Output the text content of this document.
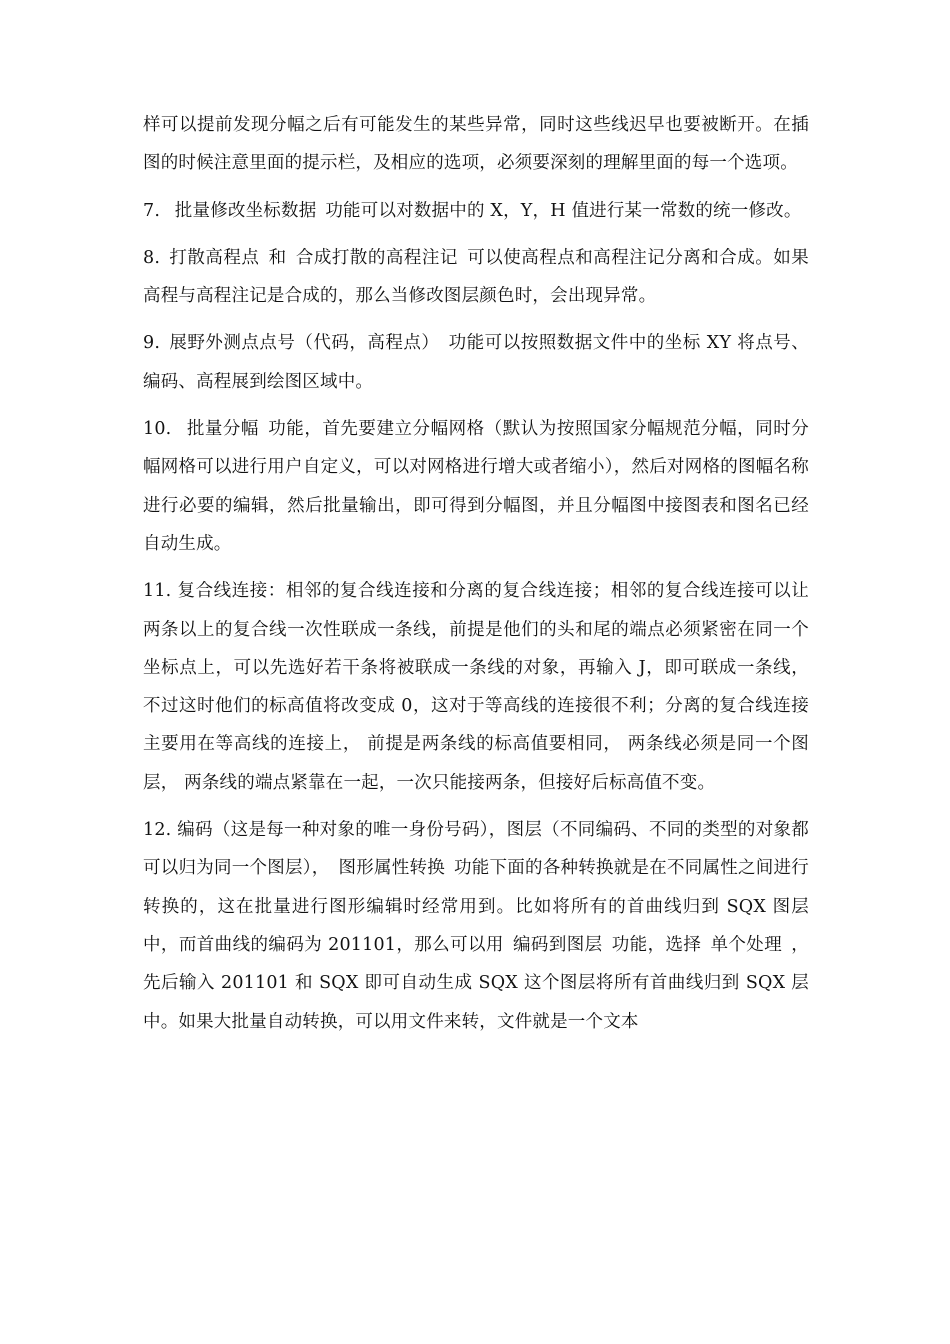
样可以提前发现分幅之后有可能发生的某些异常，同时这些线迟早也要被断开。在插图的时候注意里面的提示栏，及相应的选项，必须要深刻的理解里面的每一个选项。

7.  批量修改坐标数据 功能可以对数据中的 X，Y，H 值进行某一常数的统一修改。

8. 打散高程点 和 合成打散的高程注记 可以使高程点和高程注记分离和合成。如果高程与高程注记是合成的，那么当修改图层颜色时，会出现异常。

9. 展野外测点点号（代码，高程点） 功能可以按照数据文件中的坐标 XY 将点号、编码、高程展到绘图区域中。

10.  批量分幅 功能，首先要建立分幅网格（默认为按照国家分幅规范分幅，同时分幅网格可以进行用户自定义，可以对网格进行增大或者缩小），然后对网格的图幅名称进行必要的编辑，然后批量输出，即可得到分幅图，并且分幅图中接图表和图名已经自动生成。

11. 复合线连接：相邻的复合线连接和分离的复合线连接；相邻的复合线连接可以让两条以上的复合线一次性联成一条线，前提是他们的头和尾的端点必须紧密在同一个坐标点上，可以先选好若干条将被联成一条线的对象，再输入 J，即可联成一条线，不过这时他们的标高值将改变成 0，这对于等高线的连接很不利；分离的复合线连接主要用在等高线的连接上， 前提是两条线的标高值要相同， 两条线必须是同一个图层， 两条线的端点紧靠在一起，一次只能接两条，但接好后标高值不变。

12. 编码（这是每一种对象的唯一身份号码），图层（不同编码、不同的类型的对象都可以归为同一个图层）， 图形属性转换 功能下面的各种转换就是在不同属性之间进行转换的，这在批量进行图形编辑时经常用到。比如将所有的首曲线归到 SQX 图层中，而首曲线的编码为 201101，那么可以用 编码到图层 功能，选择 单个处理 ，先后输入 201101 和 SQX 即可自动生成 SQX 这个图层将所有首曲线归到 SQX 层中。如果大批量自动转换，可以用文件来转，文件就是一个文本
